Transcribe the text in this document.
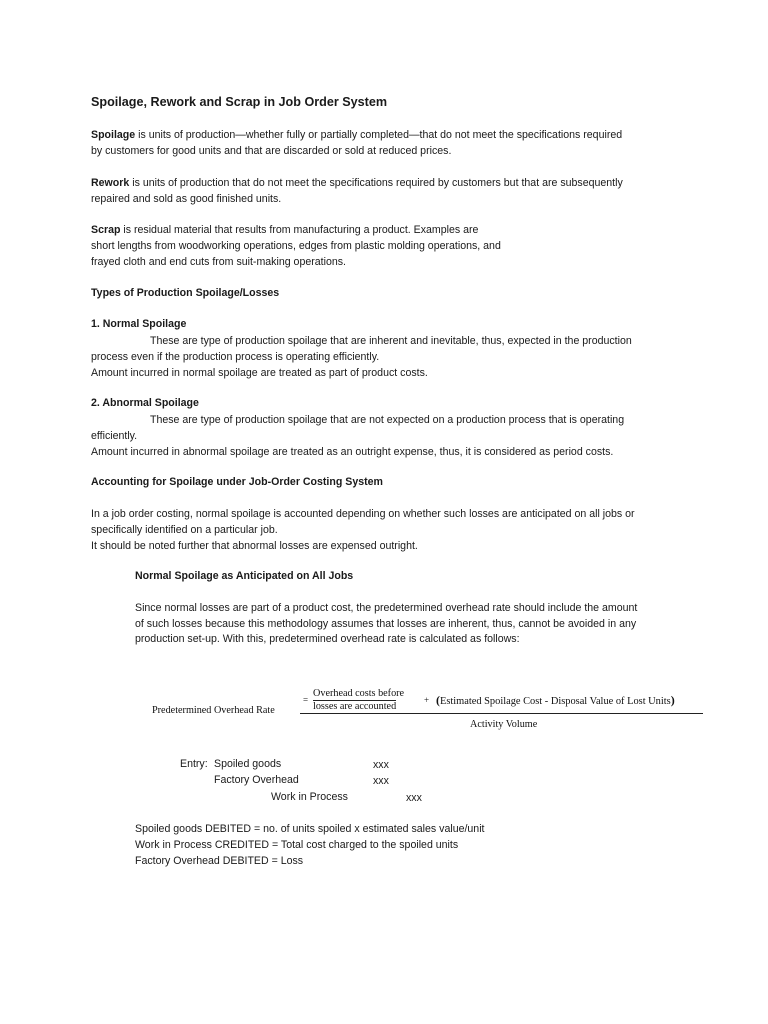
Spoilage, Rework and Scrap in Job Order System

Spoilage is units of production—whether fully or partially completed—that do not meet the specifications required
by customers for good units and that are discarded or sold at reduced prices.

Rework is units of production that do not meet the specifications required by customers but that are subsequently
repaired and sold as good finished units.

Scrap is residual material that results from manufacturing a product. Examples are
short lengths from woodworking operations, edges from plastic molding operations, and
frayed cloth and end cuts from suit-making operations.

Types of Production Spoilage/Losses
1. Normal Spoilage

These are type of production spoilage that are inherent and inevitable, thus, expected in the production
process even if the production process is operating efficiently.
Amount incurred in normal spoilage are treated as part of product costs.

2. Abnormal Spoilage

These are type of production spoilage that are not expected on a production process that is operating
efficiently.
Amount incurred in abnormal spoilage are treated as an outright expense, thus, it is considered as period costs.

Accounting for Spoilage under Job-Order Costing System

In a job order costing, normal spoilage is accounted depending on whether such losses are anticipated on all jobs or
specifically identified on a particular job.
It should be noted further that abnormal losses are expensed outright.

Normal Spoilage as Anticipated on All Jobs

Since normal losses are part of a product cost, the predetermined overhead rate should include the amount
of such losses because this methodology assumes that losses are inherent, thus, cannot be avoided in any
production set-up. With this, predetermined overhead rate is calculated as follows:

Predetermined Overhead Rate
=
Overhead costs before
losses are accounted
+ (Estimated Spoilage Cost - Disposal Value of Lost Units)
Activity Volume
Entry: Spoiled goods	xxx
Factory Overhead	xxx
Work in Process	xxx

Spoiled goods DEBITED = no. of units spoiled x estimated sales value/unit
Work in Process CREDITED = Total cost charged to the spoiled units
Factory Overhead DEBITED = Loss
